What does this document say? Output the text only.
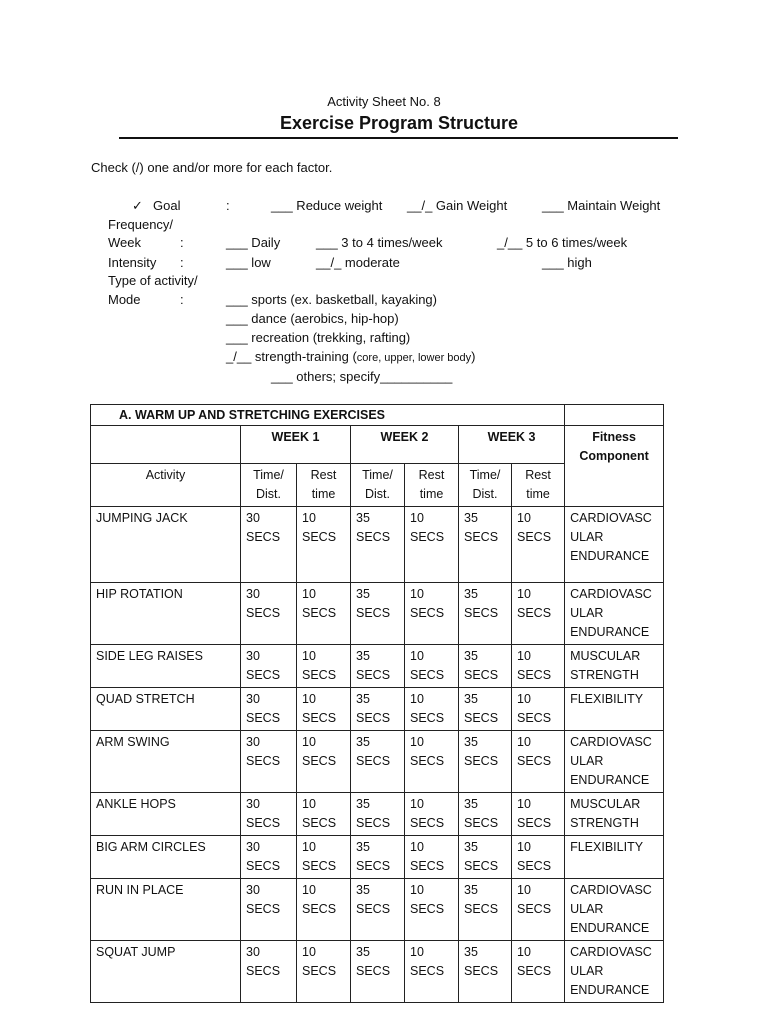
Activity Sheet No. 8
Exercise Program Structure
Check (/) one and/or more for each factor.
✓ Goal	:	___ Reduce weight __/_ Gain Weight	___ Maintain Weight
Frequency/
Week	:	___ Daily	___ 3 to 4 times/week	_/__ 5 to 6 times/week
Intensity :	___ low	__/_ moderate	___ high
Type of activity/
Mode	:	___ sports (ex. basketball, kayaking)
___ dance (aerobics, hip-hop)
___ recreation (trekking, rafting)
_/__ strength-training (core, upper, lower body)
___ others; specify__________
A. WARM UP AND STRETCHING EXERCISES							
	WEEK 1		WEEK 2		WEEK 3		Fitness Component
Activity	Time/ Dist.	Rest time	Time/ Dist.	Rest time	Time/ Dist.	Rest time	
JUMPING JACK	30 SECS	10 SECS	35 SECS	10 SECS	35 SECS	10 SECS	CARDIOVASC ULAR ENDURANCE
HIP ROTATION	30 SECS	10 SECS	35 SECS	10 SECS	35 SECS	10 SECS	CARDIOVASC ULAR ENDURANCE
SIDE LEG RAISES	30 SECS	10 SECS	35 SECS	10 SECS	35 SECS	10 SECS	MUSCULAR STRENGTH
QUAD STRETCH	30 SECS	10 SECS	35 SECS	10 SECS	35 SECS	10 SECS	FLEXIBILITY
ARM SWING	30 SECS	10 SECS	35 SECS	10 SECS	35 SECS	10 SECS	CARDIOVASC ULAR ENDURANCE
ANKLE HOPS	30 SECS	10 SECS	35 SECS	10 SECS	35 SECS	10 SECS	MUSCULAR STRENGTH
BIG ARM CIRCLES	30 SECS	10 SECS	35 SECS	10 SECS	35 SECS	10 SECS	FLEXIBILITY
RUN IN PLACE	30 SECS	10 SECS	35 SECS	10 SECS	35 SECS	10 SECS	CARDIOVASC ULAR ENDURANCE
SQUAT JUMP	30 SECS	10 SECS	35 SECS	10 SECS	35 SECS	10 SECS	CARDIOVASC ULAR ENDURANCE
